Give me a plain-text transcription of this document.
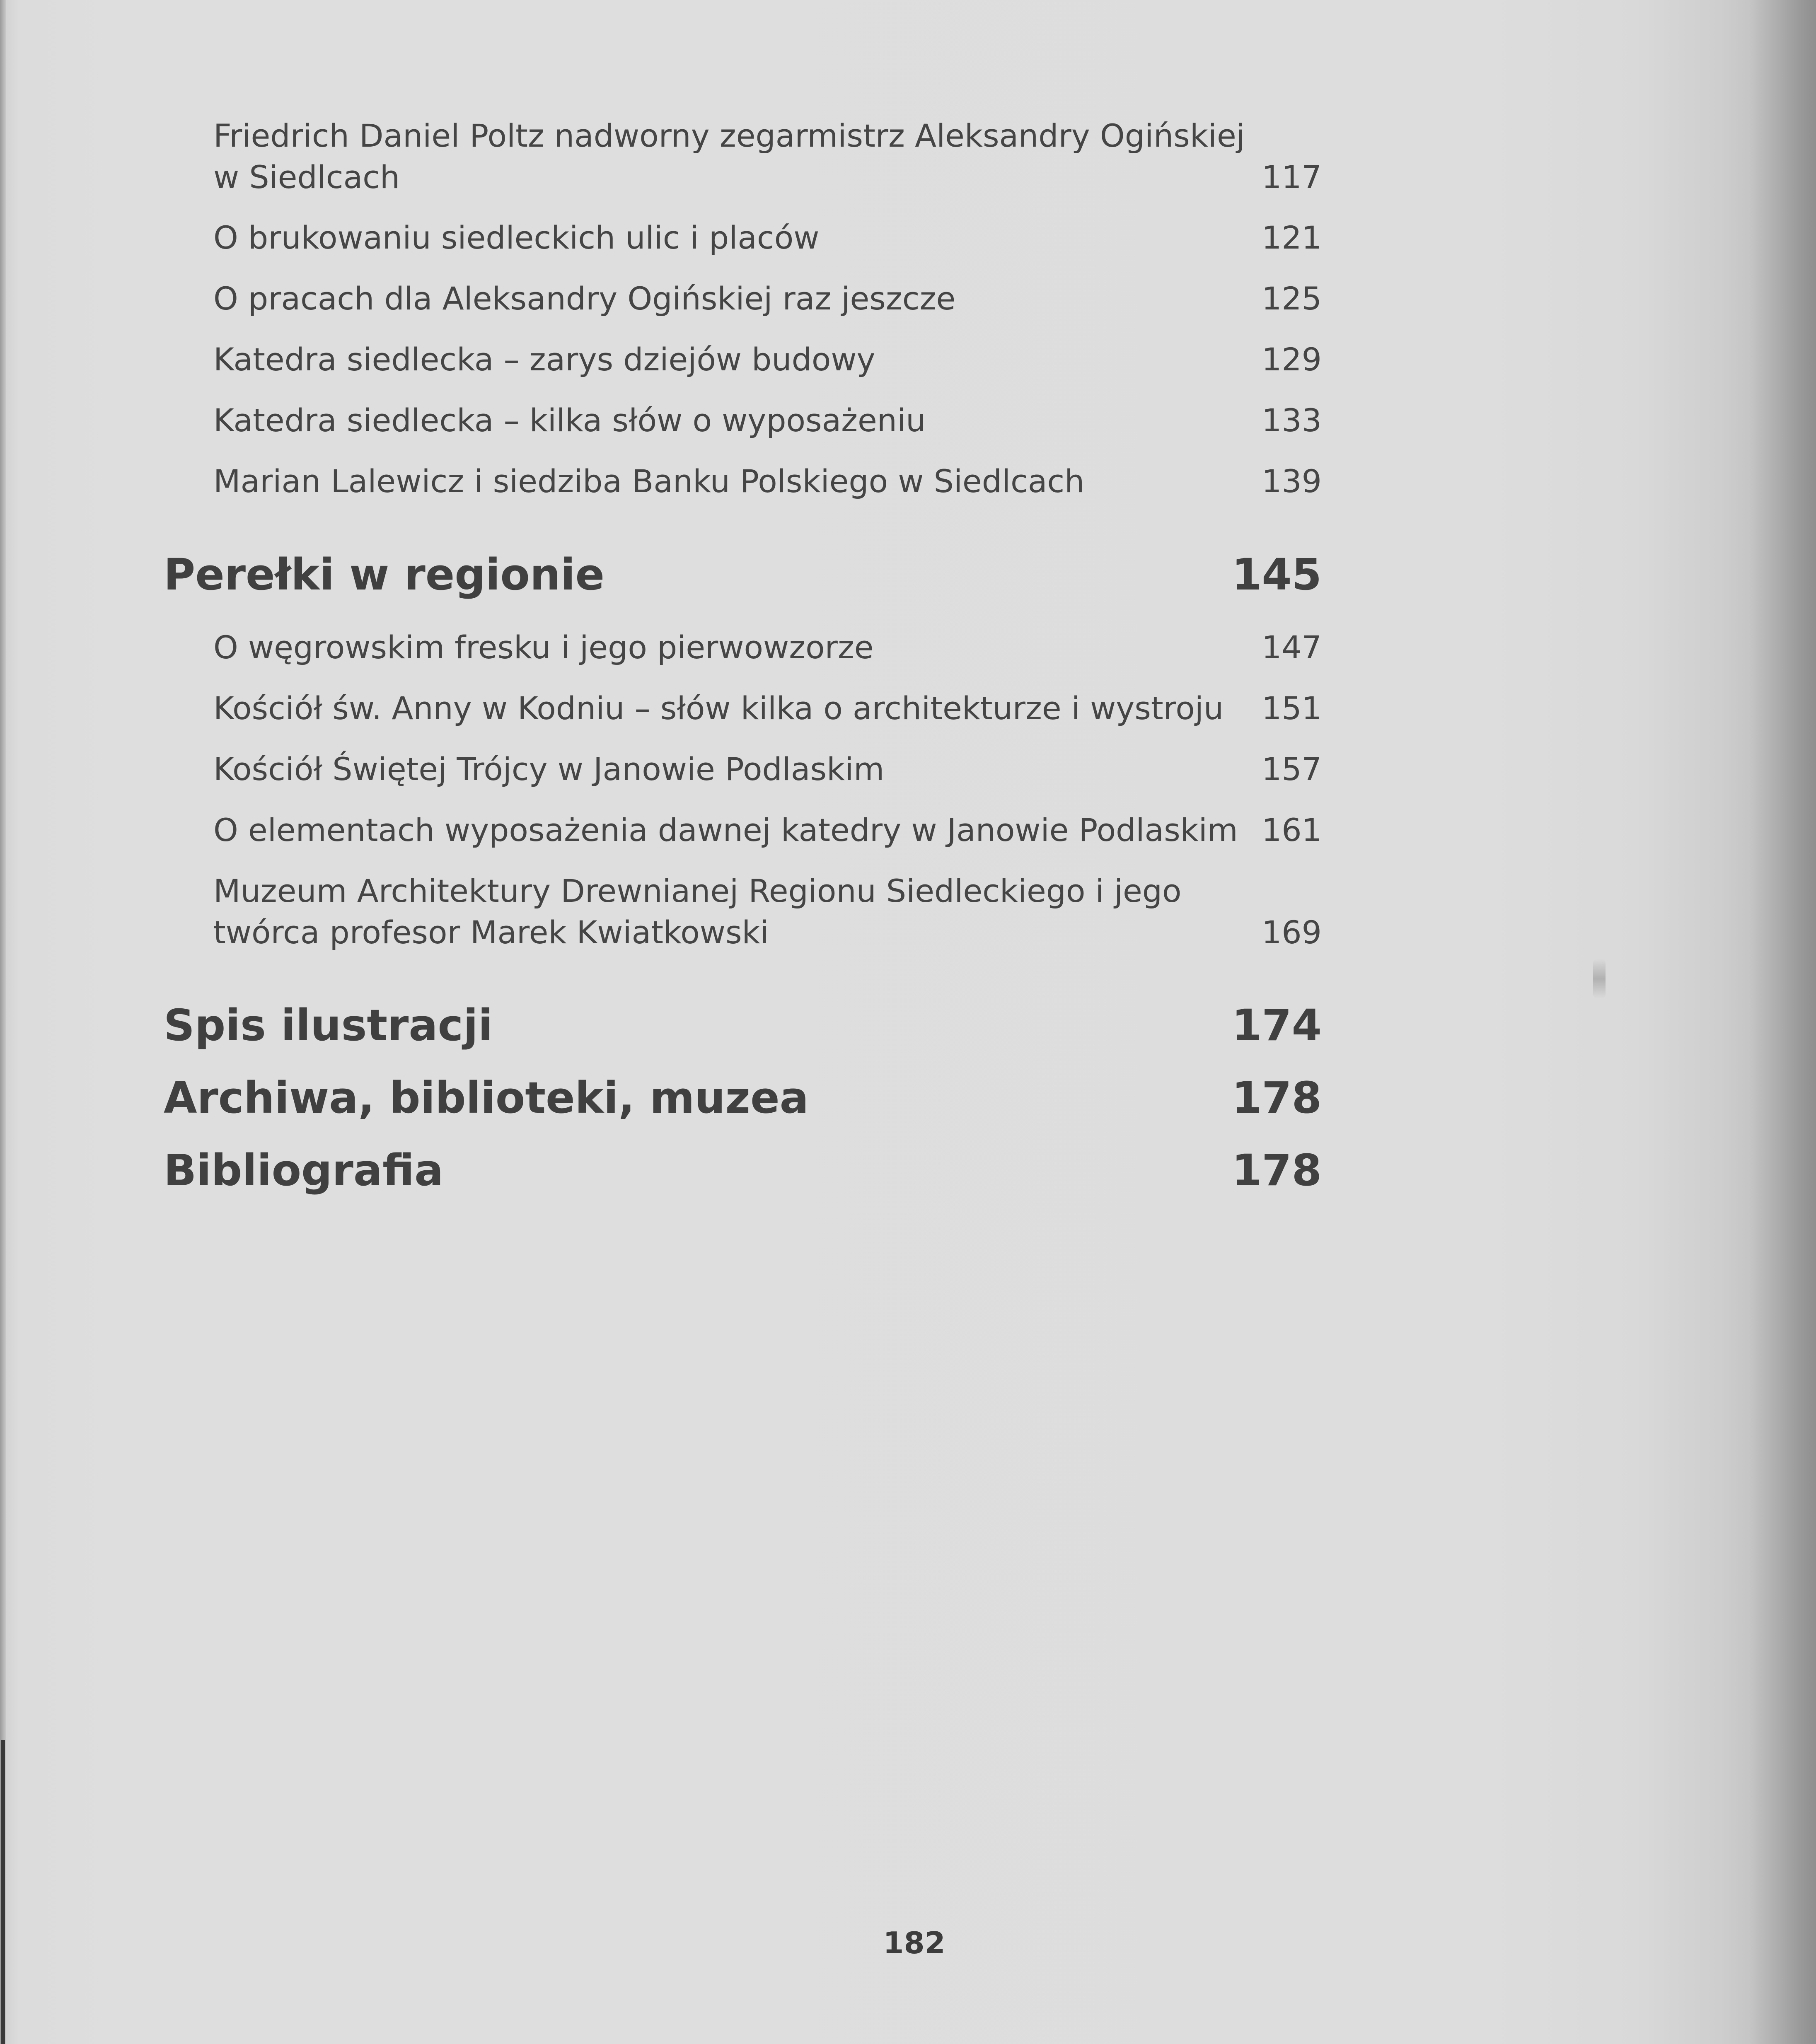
Friedrich Daniel Poltz nadworny zegarmistrz Aleksandry Ogińskiej w Siedlcach	117
O brukowaniu siedleckich ulic i placów	121
O pracach dla Aleksandry Ogińskiej raz jeszcze	125
Katedra siedlecka – zarys dziejów budowy	129
Katedra siedlecka – kilka słów o wyposażeniu	133
Marian Lalewicz i siedziba Banku Polskiego w Siedlcach	139
Perełki w regionie	145
O węgrowskim fresku i jego pierwowzorze	147
Kościół św. Anny w Kodniu – słów kilka o architekturze i wystroju	151
Kościół Świętej Trójcy w Janowie Podlaskim	157
O elementach wyposażenia dawnej katedry w Janowie Podlaskim 161
Muzeum Architektury Drewnianej Regionu Siedleckiego i jego twórca profesor Marek Kwiatkowski	169
Spis ilustracji	174
Archiwa, biblioteki, muzea	178
Bibliografia	178
182
